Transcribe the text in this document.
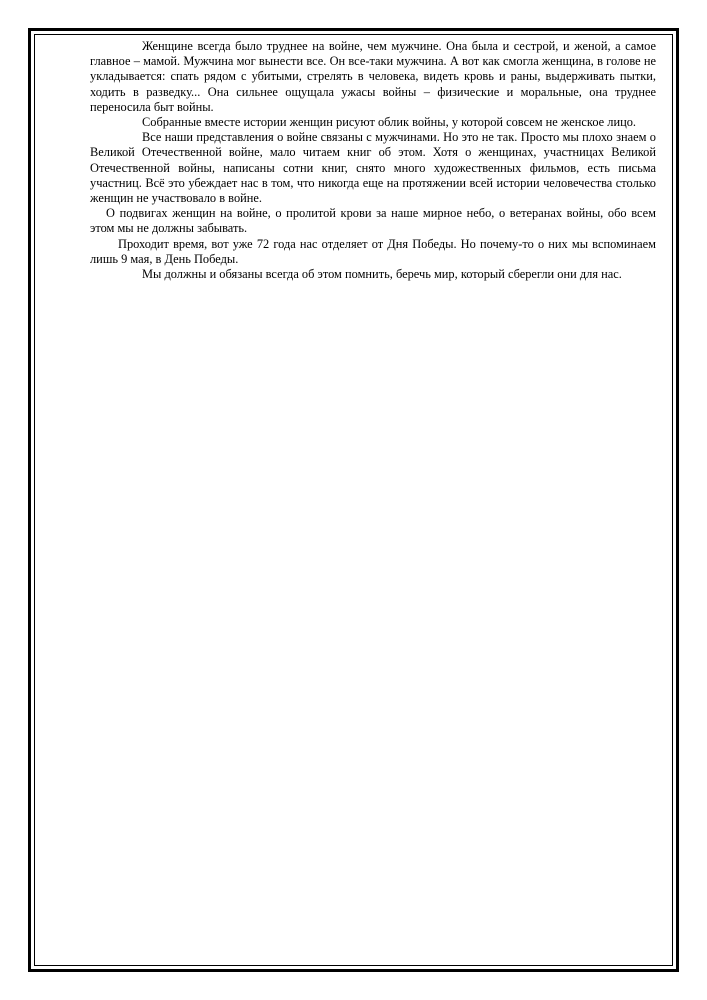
Женщине всегда было труднее на войне, чем мужчине. Она была и сестрой, и женой, а самое главное – мамой. Мужчина мог вынести все. Он все-таки мужчина. А вот как смогла женщина, в голове не укладывается: спать рядом с убитыми, стрелять в человека, видеть кровь и раны, выдерживать пытки, ходить в разведку... Она сильнее ощущала ужасы войны – физические и моральные, она труднее переносила быт войны.

Собранные вместе истории женщин рисуют облик войны, у которой совсем не женское лицо.

Все наши представления о войне связаны с мужчинами. Но это не так. Просто мы плохо знаем о Великой Отечественной войне, мало читаем книг об этом. Хотя о женщинах, участницах Великой Отечественной войны, написаны сотни книг, снято много художественных фильмов, есть письма участниц. Всё это убеждает нас в том, что никогда еще на протяжении всей истории человечества столько женщин не участвовало в войне.

О подвигах женщин на войне, о пролитой крови за наше мирное небо, о ветеранах войны, обо всем этом мы не должны забывать.

Проходит время, вот уже 72 года нас отделяет от Дня Победы. Но почему-то о них мы вспоминаем лишь 9 мая, в День Победы.

Мы должны и обязаны всегда об этом помнить, беречь мир, который сберегли они для нас.
